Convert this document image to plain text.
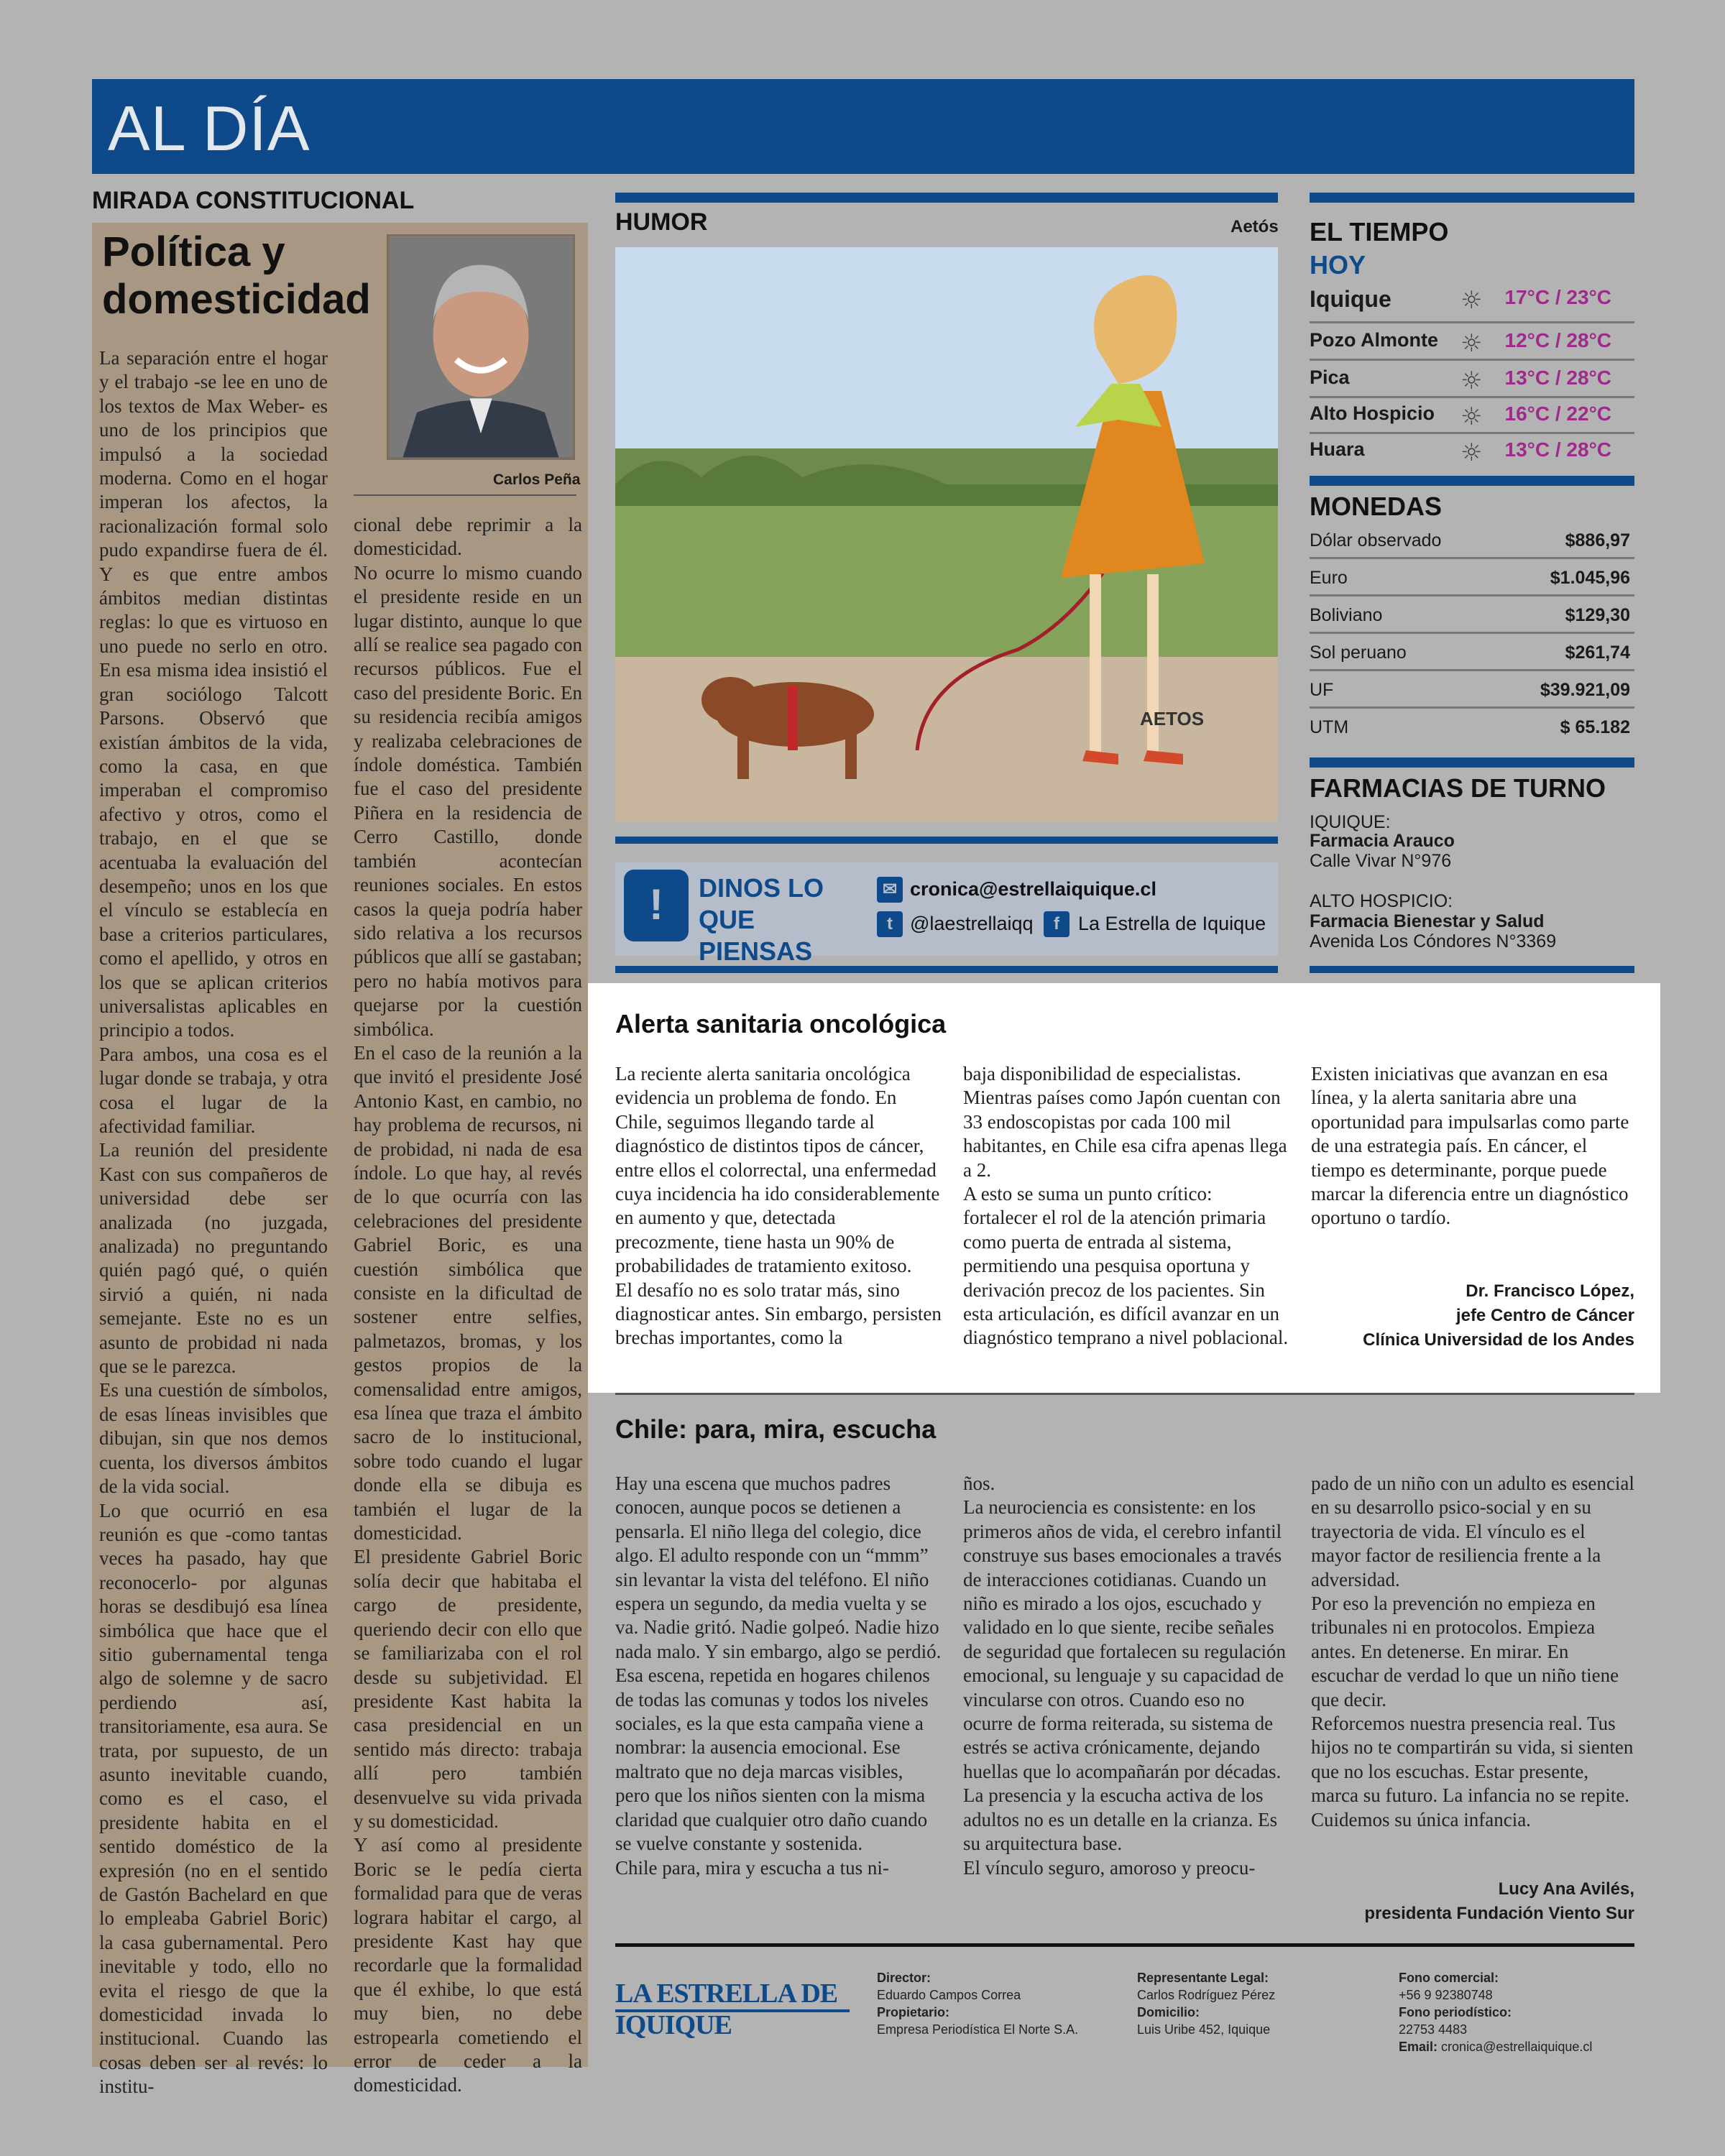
AL DÍA
MIRADA CONSTITUCIONAL
Política y domesticidad
Carlos Peña
La separación entre el hogar y el trabajo -se lee en uno de los textos de Max Weber- es uno de los principios que impulsó a la sociedad moderna. Como en el hogar imperan los afectos, la racionalización formal solo pudo expandirse fuera de él. Y es que entre ambos ámbitos median distintas reglas: lo que es virtuoso en uno puede no serlo en otro. En esa misma idea insistió el gran sociólogo Talcott Parsons. Observó que existían ámbitos de la vida, como la casa, en que imperaban el compromiso afectivo y otros, como el trabajo, en el que se acentuaba la evaluación del desempeño; unos en los que el vínculo se establecía en base a criterios particulares, como el apellido, y otros en los que se aplican criterios universalistas aplicables en principio a todos.
Para ambos, una cosa es el lugar donde se trabaja, y otra cosa el lugar de la afectividad familiar.
La reunión del presidente Kast con sus compañeros de universidad debe ser analizada (no juzgada, analizada) no preguntando quién pagó qué, o quién sirvió a quién, ni nada semejante. Este no es un asunto de probidad ni nada que se le parezca.
Es una cuestión de símbolos, de esas líneas invisibles que dibujan, sin que nos demos cuenta, los diversos ámbitos de la vida social.
Lo que ocurrió en esa reunión es que -como tantas veces ha pasado, hay que reconocerlo- por algunas horas se desdibujó esa línea simbólica que hace que el sitio gubernamental tenga algo de solemne y de sacro perdiendo así, transitoriamente, esa aura. Se trata, por supuesto, de un asunto inevitable cuando, como es el caso, el presidente habita en el sentido doméstico de la expresión (no en el sentido de Gastón Bachelard en que lo empleaba Gabriel Boric) la casa gubernamental. Pero inevitable y todo, ello no evita el riesgo de que la domesticidad invada lo institucional. Cuando las cosas deben ser al revés: lo institu-
cional debe reprimir a la domesticidad.
No ocurre lo mismo cuando el presidente reside en un lugar distinto, aunque lo que allí se realice sea pagado con recursos públicos. Fue el caso del presidente Boric. En su residencia recibía amigos y realizaba celebraciones de índole doméstica. También fue el caso del presidente Piñera en la residencia de Cerro Castillo, donde también acontecían reuniones sociales. En estos casos la queja podría haber sido relativa a los recursos públicos que allí se gastaban; pero no había motivos para quejarse por la cuestión simbólica.
En el caso de la reunión a la que invitó el presidente José Antonio Kast, en cambio, no hay problema de recursos, ni de probidad, ni nada de esa índole. Lo que hay, al revés de lo que ocurría con las celebraciones del presidente Gabriel Boric, es una cuestión simbólica que consiste en la dificultad de sostener entre selfies, palmetazos, bromas, y los gestos propios de la comensalidad entre amigos, esa línea que traza el ámbito sacro de lo institucional, sobre todo cuando el lugar donde ella se dibuja es también el lugar de la domesticidad.
El presidente Gabriel Boric solía decir que habitaba el cargo de presidente, queriendo decir con ello que se familiarizaba con el rol desde su subjetividad. El presidente Kast habita la casa presidencial en un sentido más directo: trabaja allí pero también desenvuelve su vida privada y su domesticidad.
Y así como al presidente Boric se le pedía cierta formalidad para que de veras lograra habitar el cargo, al presidente Kast hay que recordarle que la formalidad que él exhibe, lo que está muy bien, no debe estropearla cometiendo el error de ceder a la domesticidad.
HUMOR	Aetós
AETOS
!	DINOS LO QUE PIENSAS
✉ cronica@estrellaiquique.cl
t @laestrellaiqq	f La Estrella de Iquique
EL TIEMPO
HOY
Iquique	☼ 17°C / 23°C
Pozo Almonte ☼ 12°C / 28°C
Pica	☼ 13°C / 28°C
Alto Hospicio ☼ 16°C / 22°C
Huara	☼ 13°C / 28°C
MONEDAS
Dólar observado	$886,97
Euro	$1.045,96
Boliviano	$129,30
Sol peruano	$261,74
UF	$39.921,09
UTM	$ 65.182
FARMACIAS DE TURNO
IQUIQUE:
Farmacia Arauco
Calle Vivar N°976
ALTO HOSPICIO:
Farmacia Bienestar y Salud
Avenida Los Cóndores N°3369
Alerta sanitaria oncológica
La reciente alerta sanitaria oncológica evidencia un problema de fondo. En Chile, seguimos llegando tarde al diagnóstico de distintos tipos de cáncer, entre ellos el colorrectal, una enfermedad cuya incidencia ha ido considerablemente en aumento y que, detectada precozmente, tiene hasta un 90% de probabilidades de tratamiento exitoso.
El desafío no es solo tratar más, sino diagnosticar antes. Sin embargo, persisten brechas importantes, como la
baja disponibilidad de especialistas. Mientras países como Japón cuentan con 33 endoscopistas por cada 100 mil habitantes, en Chile esa cifra apenas llega a 2.
A esto se suma un punto crítico: fortalecer el rol de la atención primaria como puerta de entrada al sistema, permitiendo una pesquisa oportuna y derivación precoz de los pacientes. Sin esta articulación, es difícil avanzar en un diagnóstico temprano a nivel poblacional.
Existen iniciativas que avanzan en esa línea, y la alerta sanitaria abre una oportunidad para impulsarlas como parte de una estrategia país. En cáncer, el tiempo es determinante, porque puede marcar la diferencia entre un diagnóstico oportuno o tardío.
Dr. Francisco López,
jefe Centro de Cáncer
Clínica Universidad de los Andes
Chile: para, mira, escucha
Hay una escena que muchos padres conocen, aunque pocos se detienen a pensarla. El niño llega del colegio, dice algo. El adulto responde con un “mmm” sin levantar la vista del teléfono. El niño espera un segundo, da media vuelta y se va. Nadie gritó. Nadie golpeó. Nadie hizo nada malo. Y sin embargo, algo se perdió.
Esa escena, repetida en hogares chilenos de todas las comunas y todos los niveles sociales, es la que esta campaña viene a nombrar: la ausencia emocional. Ese maltrato que no deja marcas visibles, pero que los niños sienten con la misma claridad que cualquier otro daño cuando se vuelve constante y sostenida.
Chile para, mira y escucha a tus ni-
ños.
La neurociencia es consistente: en los primeros años de vida, el cerebro infantil construye sus bases emocionales a través de interacciones cotidianas. Cuando un niño es mirado a los ojos, escuchado y validado en lo que siente, recibe señales de seguridad que fortalecen su regulación emocional, su lenguaje y su capacidad de vincularse con otros. Cuando eso no ocurre de forma reiterada, su sistema de estrés se activa crónicamente, dejando huellas que lo acompañarán por décadas. La presencia y la escucha activa de los adultos no es un detalle en la crianza. Es su arquitectura base.
El vínculo seguro, amoroso y preocu-
pado de un niño con un adulto es esencial en su desarrollo psico-social y en su trayectoria de vida. El vínculo es el mayor factor de resiliencia frente a la adversidad.
Por eso la prevención no empieza en tribunales ni en protocolos. Empieza antes. En detenerse. En mirar. En escuchar de verdad lo que un niño tiene que decir.
Reforcemos nuestra presencia real. Tus hijos no te compartirán su vida, si sienten que no los escuchas. Estar presente, marca su futuro. La infancia no se repite. Cuidemos su única infancia.
Lucy Ana Avilés,
presidenta Fundación Viento Sur
LA ESTRELLA DE IQUIQUE
Director:
Eduardo Campos Correa
Propietario:
Empresa Periodística El Norte S.A.
Representante Legal:
Carlos Rodríguez Pérez
Domicilio:
Luis Uribe 452, Iquique
Fono comercial:
+56 9 92380748
Fono periodístico:
22753 4483
Email: cronica@estrellaiquique.cl
